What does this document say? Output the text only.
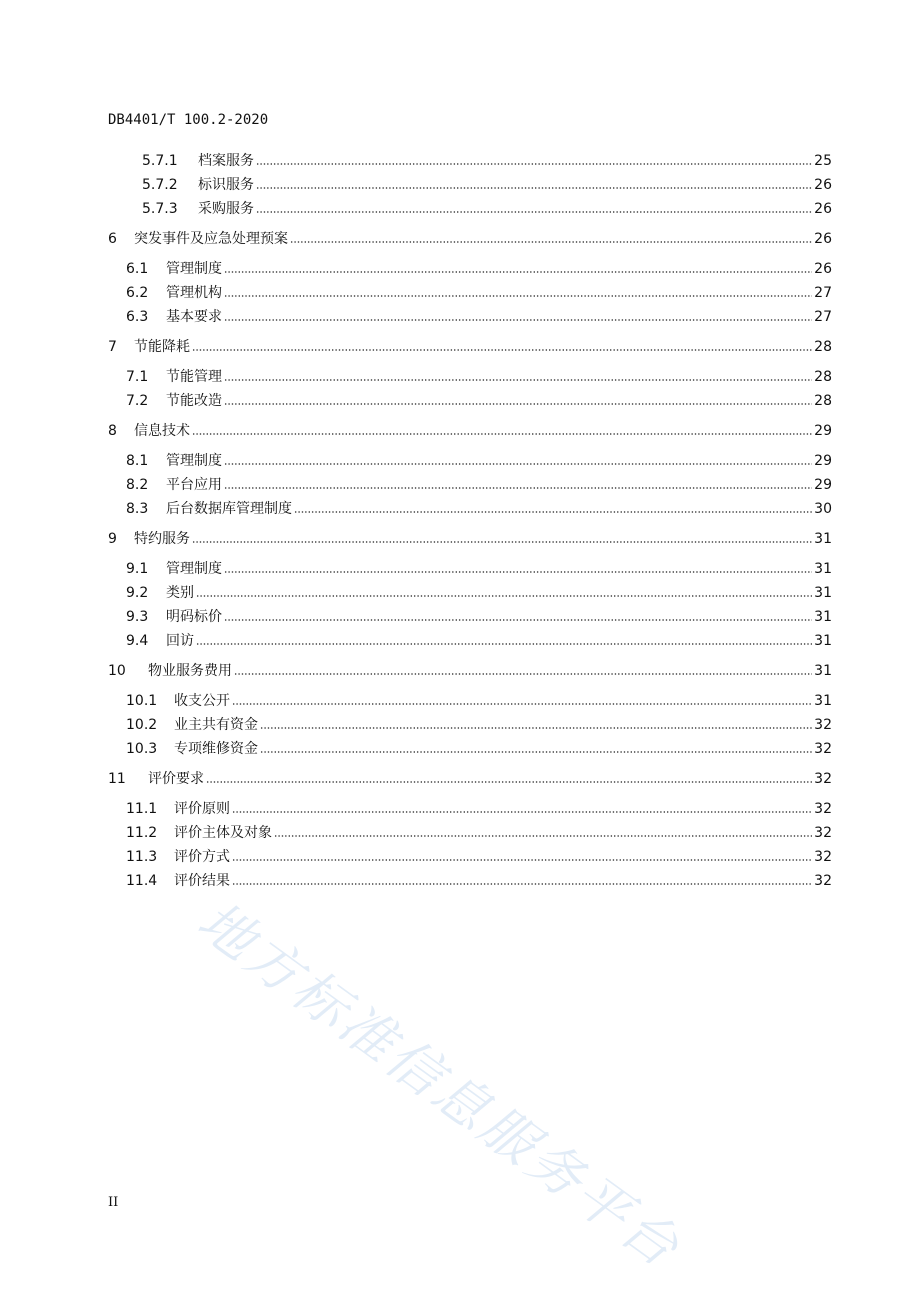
DB4401/T 100.2-2020
5.7.1	档案服务	25
5.7.2	标识服务	26
5.7.3	采购服务	26
6	突发事件及应急处理预案	26
6.1	管理制度	26
6.2	管理机构	27
6.3	基本要求	27
7	节能降耗	28
7.1	节能管理	28
7.2	节能改造	28
8	信息技术	29
8.1	管理制度	29
8.2	平台应用	29
8.3	后台数据库管理制度	30
9	特约服务	31
9.1	管理制度	31
9.2	类别	31
9.3	明码标价	31
9.4	回访	31
10	物业服务费用	31
10.1	收支公开	31
10.2	业主共有资金	32
10.3	专项维修资金	32
11	评价要求	32
11.1	评价原则	32
11.2	评价主体及对象	32
11.3	评价方式	32
11.4	评价结果	32
地方标准信息服务平台
II
